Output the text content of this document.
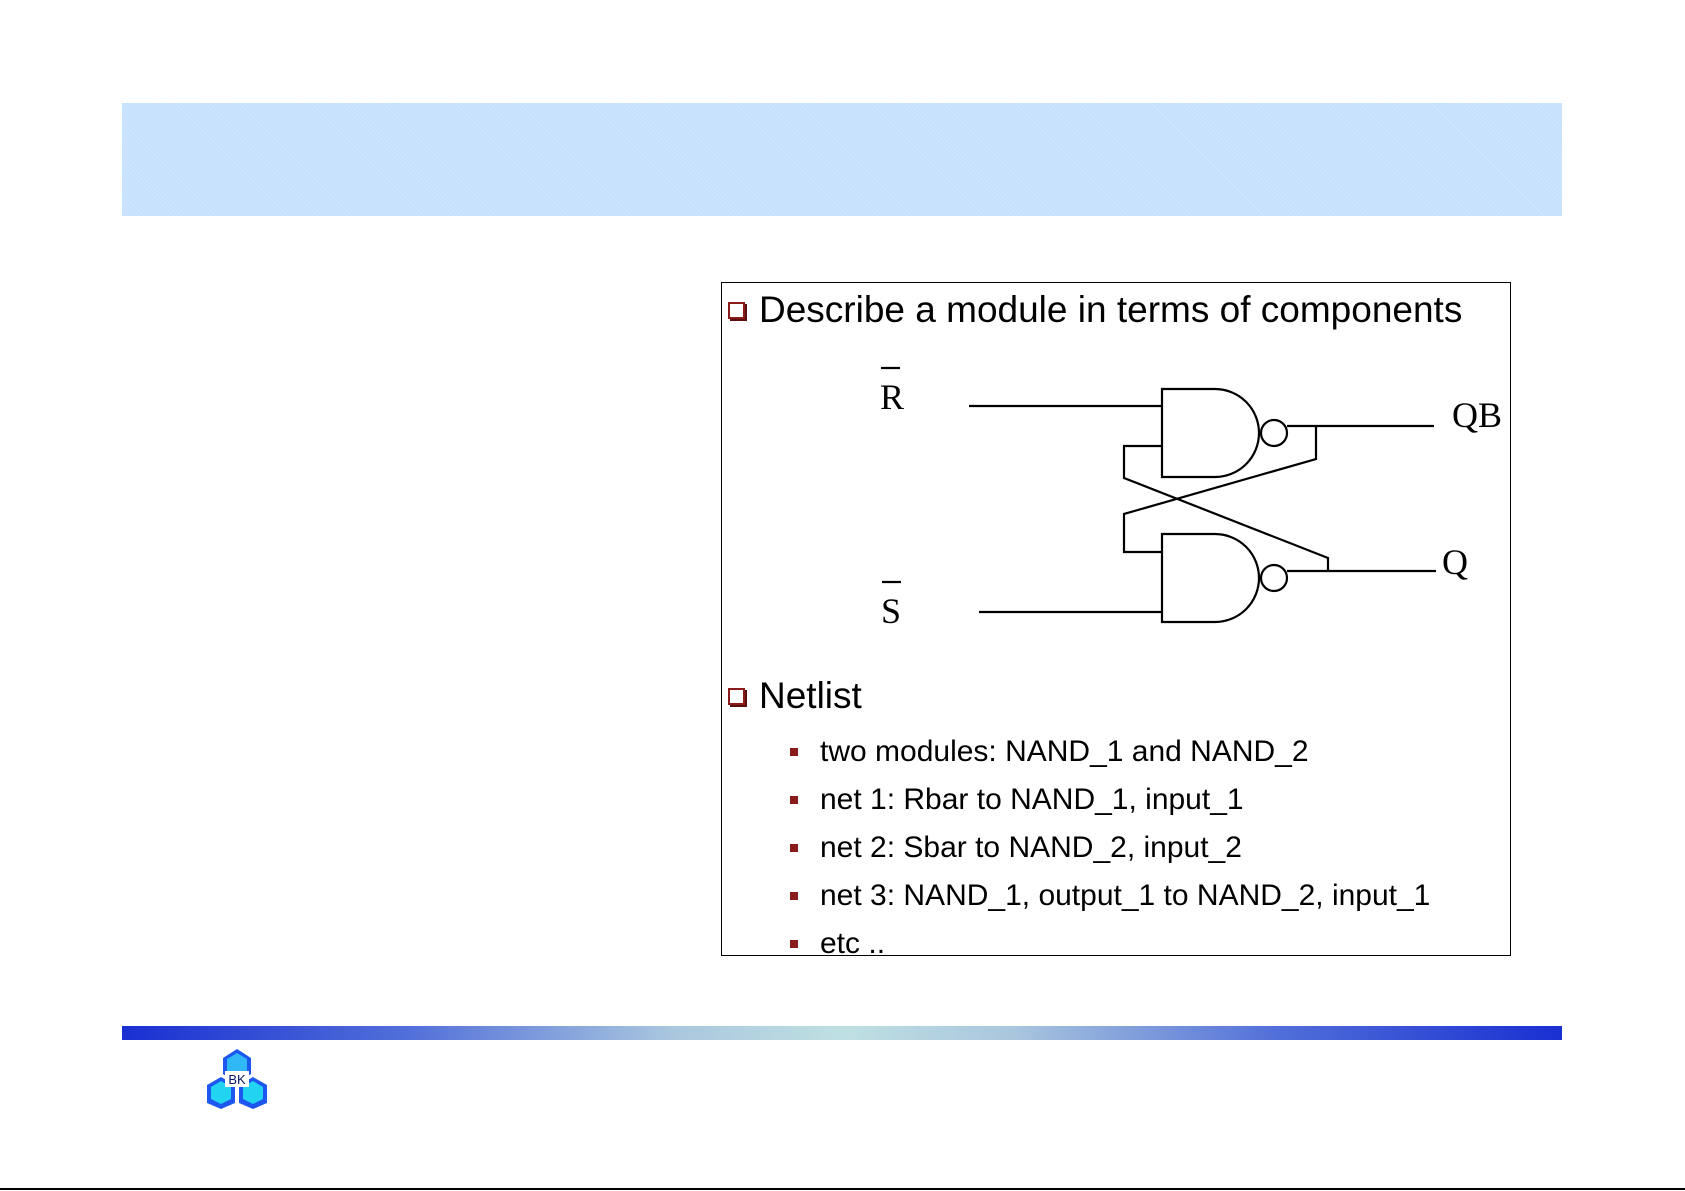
Describe a module in terms of components
R
S
QB
Q
Netlist
two modules: NAND_1 and NAND_2
net 1: Rbar to NAND_1, input_1
net 2: Sbar to NAND_2, input_2
net 3: NAND_1, output_1 to NAND_2, input_1
etc ..
BK
